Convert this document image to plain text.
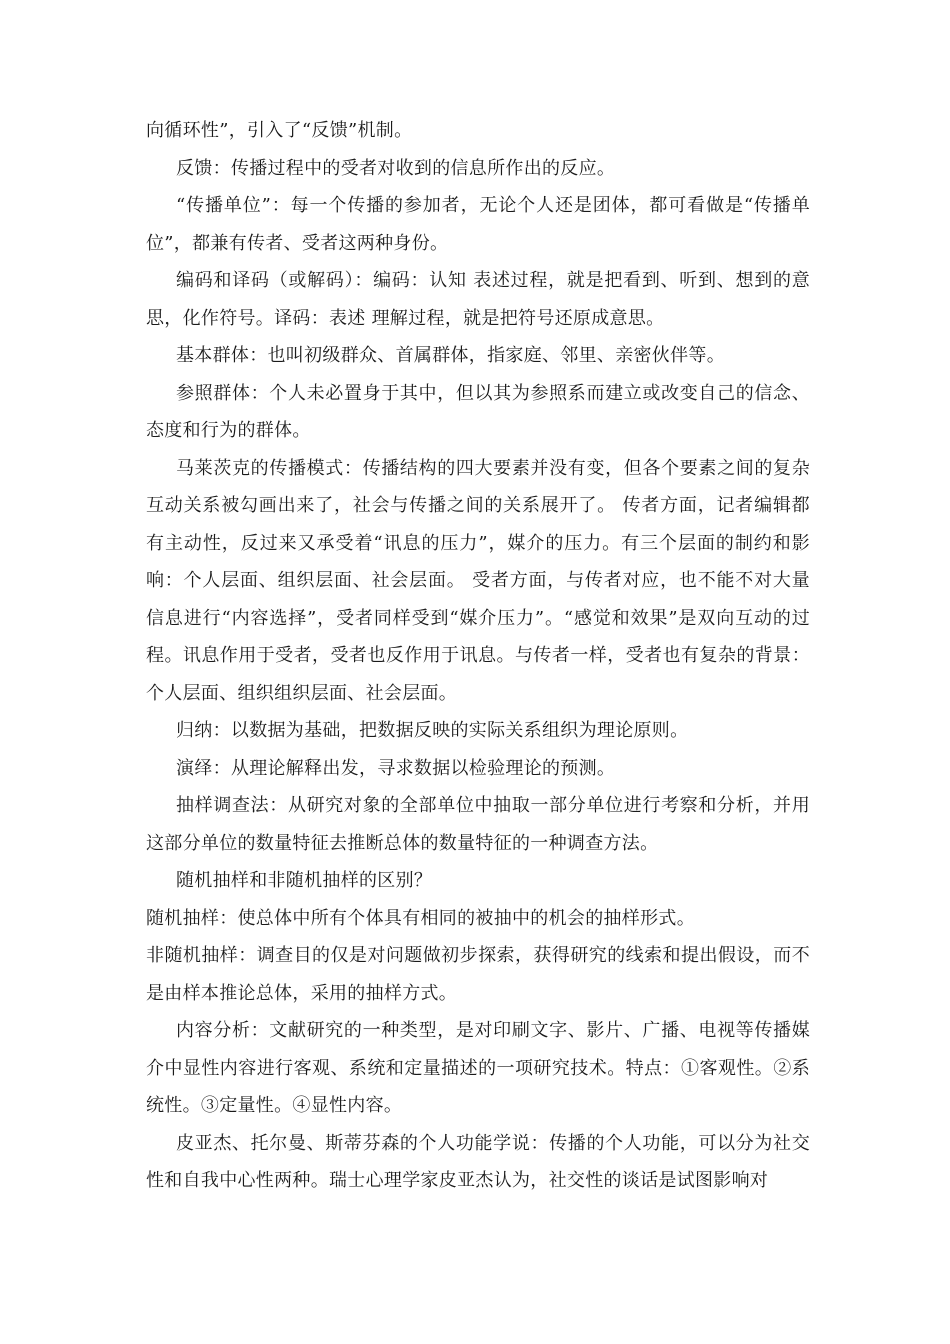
向循环性”，引入了“反馈”机制。

反馈：传播过程中的受者对收到的信息所作出的反应。

“传播单位”：每一个传播的参加者，无论个人还是团体，都可看做是“传播单位”，都兼有传者、受者这两种身份。

编码和译码（或解码）：编码：认知 表述过程，就是把看到、听到、想到的意思，化作符号。译码：表述 理解过程，就是把符号还原成意思。

基本群体：也叫初级群众、首属群体，指家庭、邻里、亲密伙伴等。

参照群体：个人未必置身于其中，但以其为参照系而建立或改变自己的信念、态度和行为的群体。

马莱茨克的传播模式：传播结构的四大要素并没有变，但各个要素之间的复杂互动关系被勾画出来了，社会与传播之间的关系展开了。 传者方面，记者编辑都有主动性，反过来又承受着“讯息的压力”，媒介的压力。有三个层面的制约和影响：个人层面、组织层面、社会层面。 受者方面，与传者对应，也不能不对大量信息进行“内容选择”，受者同样受到“媒介压力”。“感觉和效果”是双向互动的过程。讯息作用于受者，受者也反作用于讯息。与传者一样，受者也有复杂的背景：个人层面、组织组织层面、社会层面。

归纳：以数据为基础，把数据反映的实际关系组织为理论原则。

演绎：从理论解释出发，寻求数据以检验理论的预测。

抽样调查法：从研究对象的全部单位中抽取一部分单位进行考察和分析，并用这部分单位的数量特征去推断总体的数量特征的一种调查方法。

随机抽样和非随机抽样的区别？

随机抽样：使总体中所有个体具有相同的被抽中的机会的抽样形式。

非随机抽样：调查目的仅是对问题做初步探索，获得研究的线索和提出假设，而不是由样本推论总体，采用的抽样方式。

内容分析：文献研究的一种类型，是对印刷文字、影片、广播、电视等传播媒介中显性内容进行客观、系统和定量描述的一项研究技术。特点：①客观性。②系统性。③定量性。④显性内容。

皮亚杰、托尔曼、斯蒂芬森的个人功能学说：传播的个人功能，可以分为社交性和自我中心性两种。瑞士心理学家皮亚杰认为，社交性的谈话是试图影响对
